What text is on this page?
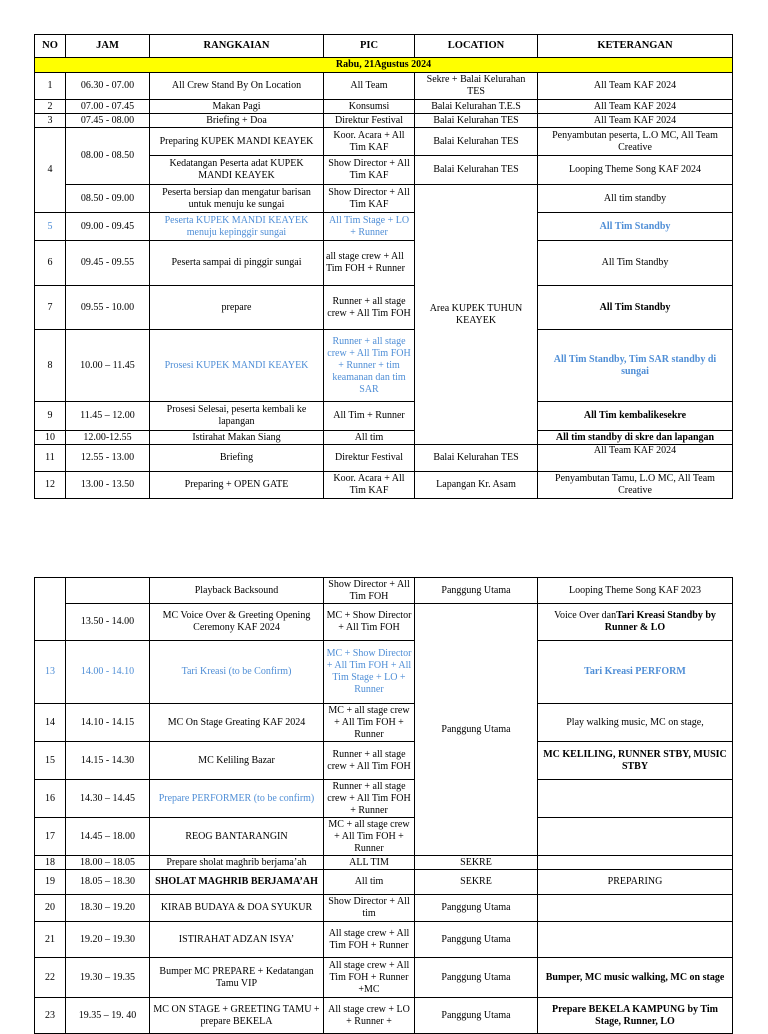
NO	JAM	RANGKAIAN	PIC	LOCATION	KETERANGAN
Rabu, 21Agustus 2024					
1	06.30 - 07.00	All Crew Stand By On Location	All Team	Sekre + Balai Kelurahan TES	All Team KAF 2024
2	07.00 - 07.45	Makan Pagi	Konsumsi	Balai Kelurahan T.E.S	All Team KAF 2024
3	07.45 - 08.00	Briefing + Doa	Direktur Festival	Balai Kelurahan TES	All Team KAF 2024
4	08.00 - 08.50	Preparing KUPEK MANDI KEAYEK	Koor. Acara + All Tim KAF	Balai Kelurahan TES	Penyambutan peserta, L.O MC, All Team Creative
		Kedatangan Peserta adat KUPEK MANDI KEAYEK	Show Director + All Tim KAF	Balai Kelurahan TES	Looping Theme Song KAF 2024
	08.50 - 09.00	Peserta bersiap dan mengatur barisan untuk menuju ke sungai	Show Director + All Tim KAF	Area KUPEK TUHUN KEAYEK	All tim standby
5	09.00 - 09.45	Peserta KUPEK MANDI KEAYEK menuju kepinggir sungai	All Tim Stage + LO + Runner		All Tim Standby
6	09.45 - 09.55	Peserta sampai di pinggir sungai	all stage crew + All Tim FOH + Runner		All Tim Standby
7	09.55 - 10.00	prepare	Runner + all stage crew + All Tim FOH		All Tim Standby
8	10.00 – 11.45	Prosesi KUPEK MANDI KEAYEK	Runner + all stage crew + All Tim FOH + Runner + tim keamanan dan tim SAR		All Tim Standby, Tim SAR standby di sungai
9	11.45 – 12.00	Prosesi Selesai, peserta kembali ke lapangan	All Tim + Runner		All Tim kembalikesekre
10	12.00-12.55	Istirahat Makan Siang	All tim		All tim standby di skre dan lapangan
11	12.55 - 13.00	Briefing	Direktur Festival	Balai Kelurahan TES	All Team KAF 2024
12	13.00 - 13.50	Preparing + OPEN GATE	Koor. Acara + All Tim KAF	Lapangan Kr. Asam	Penyambutan Tamu, L.O MC, All Team Creative
		Playback Backsound	Show Director + All Tim FOH	Panggung Utama	Looping Theme Song KAF 2023
	13.50 - 14.00	MC Voice Over & Greeting Opening Ceremony KAF 2024	MC + Show Director + All Tim FOH	Panggung Utama	Voice Over danTari Kreasi Standby by Runner & LO
13	14.00 - 14.10	Tari Kreasi (to be Confirm)	MC + Show Director + All Tim FOH + All Tim Stage + LO + Runner		Tari Kreasi PERFORM
14	14.10 - 14.15	MC On Stage Greating KAF 2024	MC + all stage crew + All Tim FOH + Runner		Play walking music, MC on stage,
15	14.15 - 14.30	MC Keliling Bazar	Runner + all stage crew + All Tim FOH		MC KELILING, RUNNER STBY, MUSIC STBY
16	14.30 – 14.45	Prepare PERFORMER (to be confirm)	Runner + all stage crew + All Tim FOH + Runner		
17	14.45 – 18.00	REOG BANTARANGIN	MC + all stage crew + All Tim FOH + Runner		
18	18.00 – 18.05	Prepare sholat maghrib berjama’ah	ALL TIM	SEKRE	
19	18.05 – 18.30	SHOLAT MAGHRIB BERJAMA’AH	All tim	SEKRE	PREPARING
20	18.30 – 19.20	KIRAB BUDAYA & DOA SYUKUR	Show Director + All tim	Panggung Utama	
21	19.20 – 19.30	ISTIRAHAT ADZAN ISYA’	All stage crew + All Tim FOH + Runner	Panggung Utama	
22	19.30 – 19.35	Bumper MC PREPARE + Kedatangan Tamu VIP	All stage crew + All Tim FOH + Runner +MC	Panggung Utama	Bumper, MC music walking, MC on stage
23	19.35 – 19. 40	MC ON STAGE + GREETING TAMU + prepare BEKELA	All stage crew + LO + Runner +	Panggung Utama	Prepare BEKELA KAMPUNG by Tim Stage, Runner, LO
